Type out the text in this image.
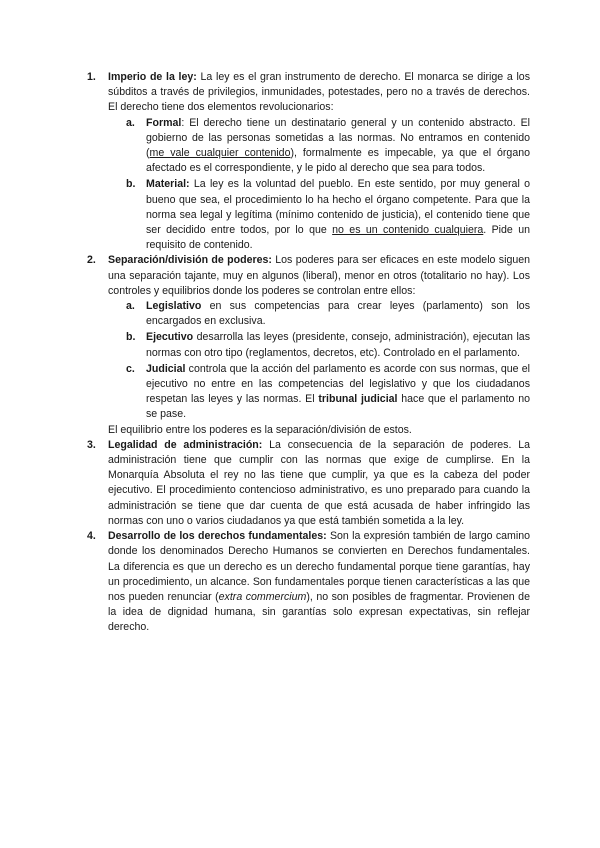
1. Imperio de la ley: La ley es el gran instrumento de derecho. El monarca se dirige a los súbditos a través de privilegios, inmunidades, potestades, pero no a través de derechos. El derecho tiene dos elementos revolucionarios:
a. Formal: El derecho tiene un destinatario general y un contenido abstracto. El gobierno de las personas sometidas a las normas. No entramos en contenido (me vale cualquier contenido), formalmente es impecable, ya que el órgano afectado es el correspondiente, y le pido al derecho que sea para todos.
b. Material: La ley es la voluntad del pueblo. En este sentido, por muy general o bueno que sea, el procedimiento lo ha hecho el órgano competente. Para que la norma sea legal y legítima (mínimo contenido de justicia), el contenido tiene que ser decidido entre todos, por lo que no es un contenido cualquiera. Pide un requisito de contenido.
2. Separación/división de poderes: Los poderes para ser eficaces en este modelo siguen una separación tajante, muy en algunos (liberal), menor en otros (totalitario no hay). Los controles y equilibrios donde los poderes se controlan entre ellos:
a. Legislativo en sus competencias para crear leyes (parlamento) son los encargados en exclusiva.
b. Ejecutivo desarrolla las leyes (presidente, consejo, administración), ejecutan las normas con otro tipo (reglamentos, decretos, etc). Controlado en el parlamento.
c. Judicial controla que la acción del parlamento es acorde con sus normas, que el ejecutivo no entre en las competencias del legislativo y que los ciudadanos respetan las leyes y las normas. El tribunal judicial hace que el parlamento no se pase.
El equilibrio entre los poderes es la separación/división de estos.
3. Legalidad de administración: La consecuencia de la separación de poderes. La administración tiene que cumplir con las normas que exige de cumplirse. En la Monarquía Absoluta el rey no las tiene que cumplir, ya que es la cabeza del poder ejecutivo. El procedimiento contencioso administrativo, es uno preparado para cuando la administración se tiene que dar cuenta de que está acusada de haber infringido las normas con uno o varios ciudadanos ya que está también sometida a la ley.
4. Desarrollo de los derechos fundamentales: Son la expresión también de largo camino donde los denominados Derecho Humanos se convierten en Derechos fundamentales. La diferencia es que un derecho es un derecho fundamental porque tiene garantías, hay un procedimiento, un alcance. Son fundamentales porque tienen características a las que nos pueden renunciar (extra commercium), no son posibles de fragmentar. Provienen de la idea de dignidad humana, sin garantías solo expresan expectativas, sin reflejar derecho.
